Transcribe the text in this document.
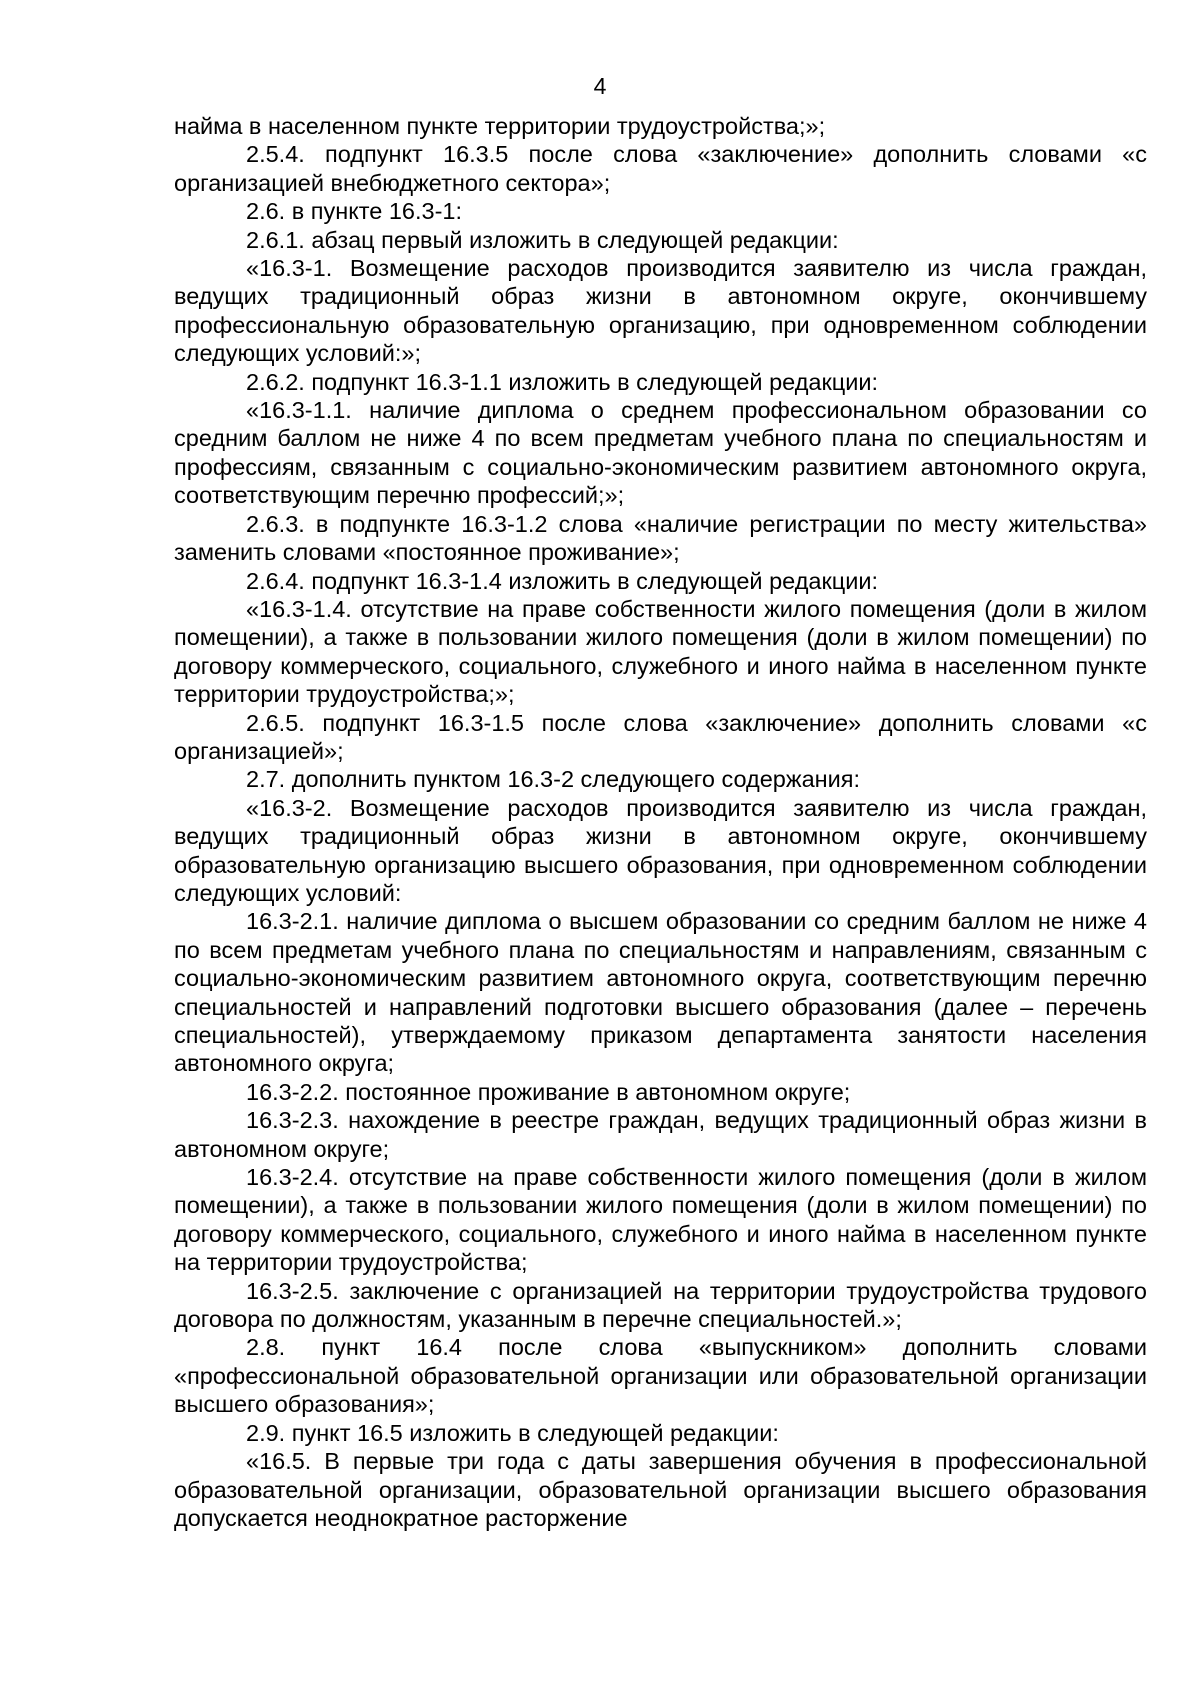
4

найма в населенном пункте территории трудоустройства;»;

2.5.4. подпункт 16.3.5 после слова «заключение» дополнить словами «с организацией внебюджетного сектора»;

2.6. в пункте 16.3-1:

2.6.1. абзац первый изложить в следующей редакции:

«16.3-1. Возмещение расходов производится заявителю из числа граждан, ведущих традиционный образ жизни в автономном округе, окончившему профессиональную образовательную организацию, при одновременном соблюдении следующих условий:»;

2.6.2. подпункт 16.3-1.1 изложить в следующей редакции:

«16.3-1.1. наличие диплома о среднем профессиональном образовании со средним баллом не ниже 4 по всем предметам учебного плана по специальностям и профессиям, связанным с социально-экономическим развитием автономного округа, соответствующим перечню профессий;»;

2.6.3. в подпункте 16.3-1.2 слова «наличие регистрации по месту жительства» заменить словами «постоянное проживание»;

2.6.4. подпункт 16.3-1.4 изложить в следующей редакции:

«16.3-1.4. отсутствие на праве собственности жилого помещения (доли в жилом помещении), а также в пользовании жилого помещения (доли в жилом помещении) по договору коммерческого, социального, служебного и иного найма в населенном пункте территории трудоустройства;»;

2.6.5. подпункт 16.3-1.5 после слова «заключение» дополнить словами «с организацией»;

2.7. дополнить пунктом 16.3-2 следующего содержания:

«16.3-2. Возмещение расходов производится заявителю из числа граждан, ведущих традиционный образ жизни в автономном округе, окончившему образовательную организацию высшего образования, при одновременном соблюдении следующих условий:

16.3-2.1. наличие диплома о высшем образовании со средним баллом не ниже 4 по всем предметам учебного плана по специальностям и направлениям, связанным с социально-экономическим развитием автономного округа, соответствующим перечню специальностей и направлений подготовки высшего образования (далее – перечень специальностей), утверждаемому приказом департамента занятости населения автономного округа;

16.3-2.2. постоянное проживание в автономном округе;

16.3-2.3. нахождение в реестре граждан, ведущих традиционный образ жизни в автономном округе;

16.3-2.4. отсутствие на праве собственности жилого помещения (доли в жилом помещении), а также в пользовании жилого помещения (доли в жилом помещении) по договору коммерческого, социального, служебного и иного найма в населенном пункте на территории трудоустройства;

16.3-2.5. заключение с организацией на территории трудоустройства трудового договора по должностям, указанным в перечне специальностей.»;

2.8. пункт 16.4 после слова «выпускником» дополнить словами «профессиональной образовательной организации или образовательной организации высшего образования»;

2.9. пункт 16.5 изложить в следующей редакции:

«16.5. В первые три года с даты завершения обучения в профессиональной образовательной организации, образовательной организации высшего образования допускается неоднократное расторжение
